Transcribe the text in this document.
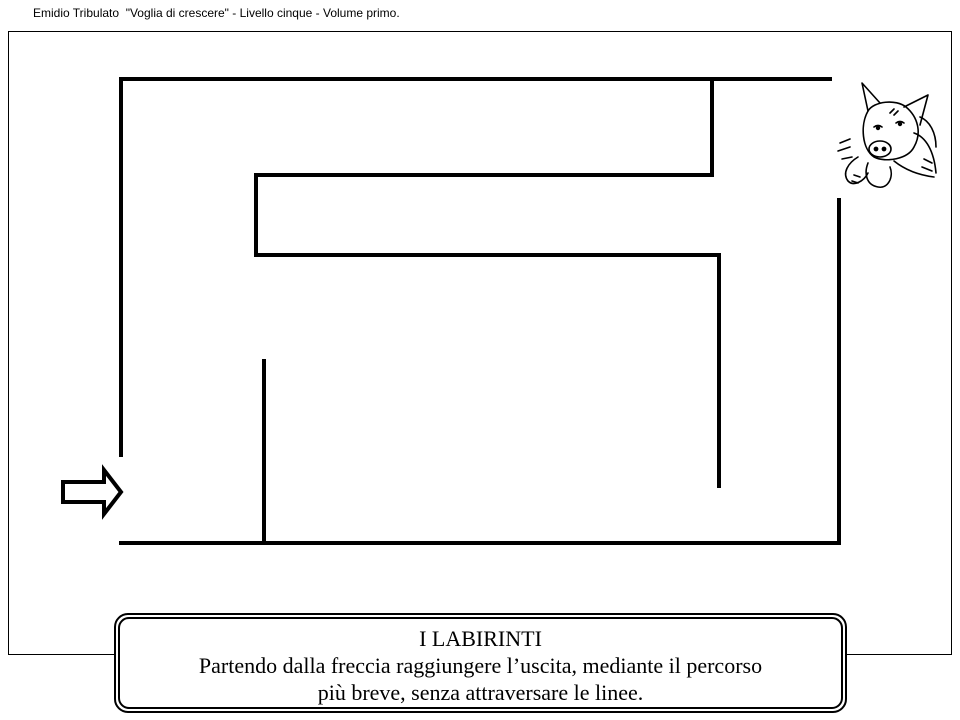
Emidio Tribulato  "Voglia di crescere" - Livello cinque - Volume primo.
I LABIRINTI
Partendo dalla freccia raggiungere l’uscita, mediante il percorso
più breve, senza attraversare le linee.
